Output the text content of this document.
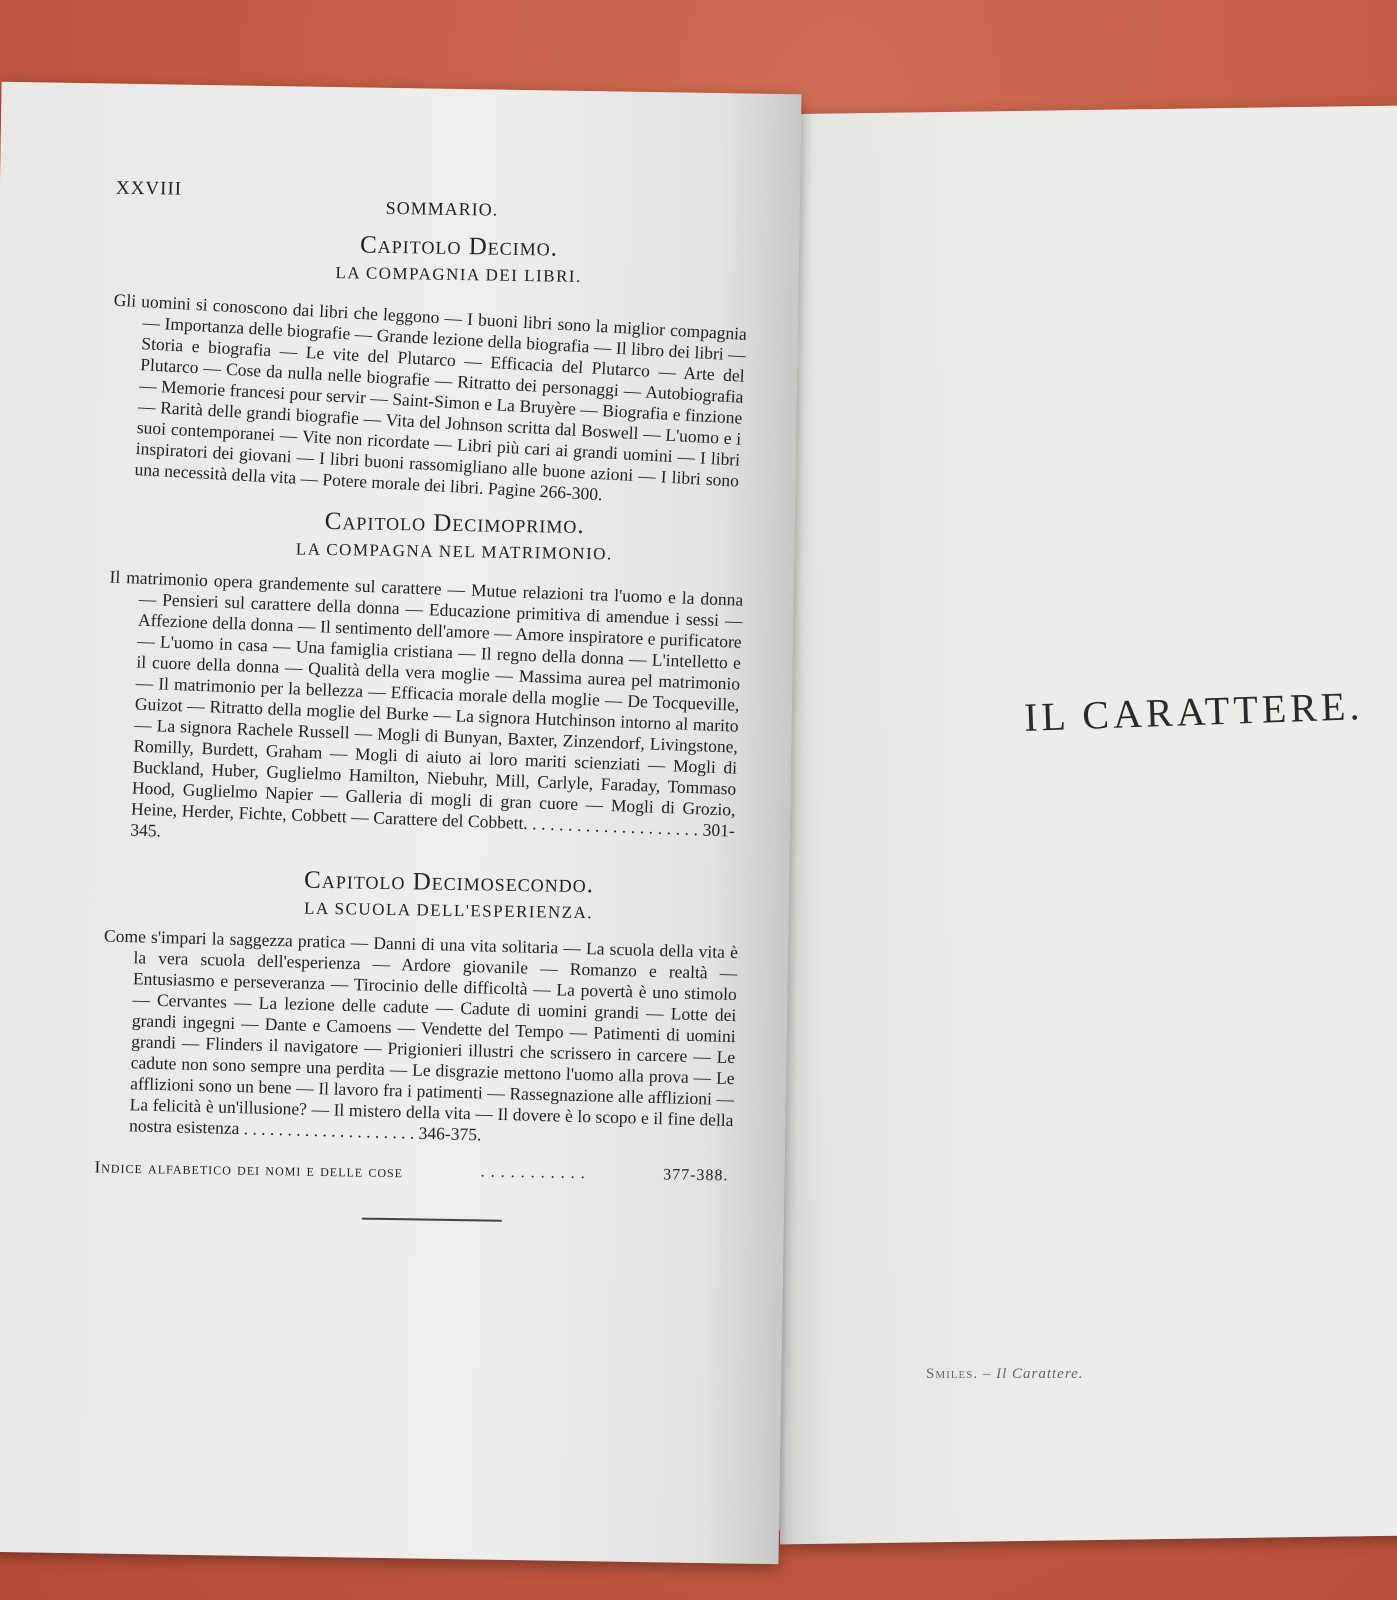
XXVIII
SOMMARIO.
Capitolo Decimo.
LA COMPAGNIA DEI LIBRI.

Gli uomini si conoscono dai libri che leggono — I buoni libri sono la miglior compagnia — Importanza delle biografie — Grande lezione della biografia — Il libro dei libri — Storia e biografia — Le vite del Plutarco — Efficacia del Plutarco — Arte del Plutarco — Cose da nulla nelle biografie — Ritratto dei personaggi — Autobiografia — Memorie francesi pour servir — Saint-Simon e La Bruyère — Biografia e finzione — Rarità delle grandi biografie — Vita del Johnson scritta dal Boswell — L'uomo e i suoi contemporanei — Vite non ricordate — Libri più cari ai grandi uomini — I libri inspiratori dei giovani — I libri buoni rassomigliano alle buone azioni — I libri sono una necessità della vita — Potere morale dei libri. Pagine 266-300.

Capitolo Decimoprimo.
LA COMPAGNA NEL MATRIMONIO.

Il matrimonio opera grandemente sul carattere — Mutue relazioni tra l'uomo e la donna — Pensieri sul carattere della donna — Educazione primitiva di amendue i sessi — Affezione della donna — Il sentimento dell'amore — Amore inspiratore e purificatore — L'uomo in casa — Una famiglia cristiana — Il regno della donna — L'intelletto e il cuore della donna — Qualità della vera moglie — Massima aurea pel matrimonio — Il matrimonio per la bellezza — Efficacia morale della moglie — De Tocqueville, Guizot — Ritratto della moglie del Burke — La signora Hutchinson intorno al marito — La signora Rachele Russell — Mogli di Bunyan, Baxter, Zinzendorf, Livingstone, Romilly, Burdett, Graham — Mogli di aiuto ai loro mariti scienziati — Mogli di Buckland, Huber, Guglielmo Hamilton, Niebuhr, Mill, Carlyle, Faraday, Tommaso Hood, Guglielmo Napier — Galleria di mogli di gran cuore — Mogli di Grozio, Heine, Herder, Fichte, Cobbett — Carattere del Cobbett. . . . . . . . . . . . . . . . . . . . 301-345.

Capitolo Decimosecondo.
LA SCUOLA DELL'ESPERIENZA.

Come s'impari la saggezza pratica — Danni di una vita solitaria — La scuola della vita è la vera scuola dell'esperienza — Ardore giovanile — Romanzo e realtà — Entusiasmo e perseveranza — Tirocinio delle difficoltà — La povertà è uno stimolo — Cervantes — La lezione delle cadute — Cadute di uomini grandi — Lotte dei grandi ingegni — Dante e Camoens — Vendette del Tempo — Patimenti di uomini grandi — Flinders il navigatore — Prigionieri illustri che scrissero in carcere — Le cadute non sono sempre una perdita — Le disgrazie mettono l'uomo alla prova — Le afflizioni sono un bene — Il lavoro fra i patimenti — Rassegnazione alle afflizioni — La felicità è un'illusione? — Il mistero della vita — Il dovere è lo scopo e il fine della nostra esistenza . . . . . . . . . . . . . . . . . . . . 346-375.

Indice alfabetico dei nomi e delle cose	. . . . . . . . . . .	377-388.
IL CARATTERE.
Smiles. – Il Carattere.
